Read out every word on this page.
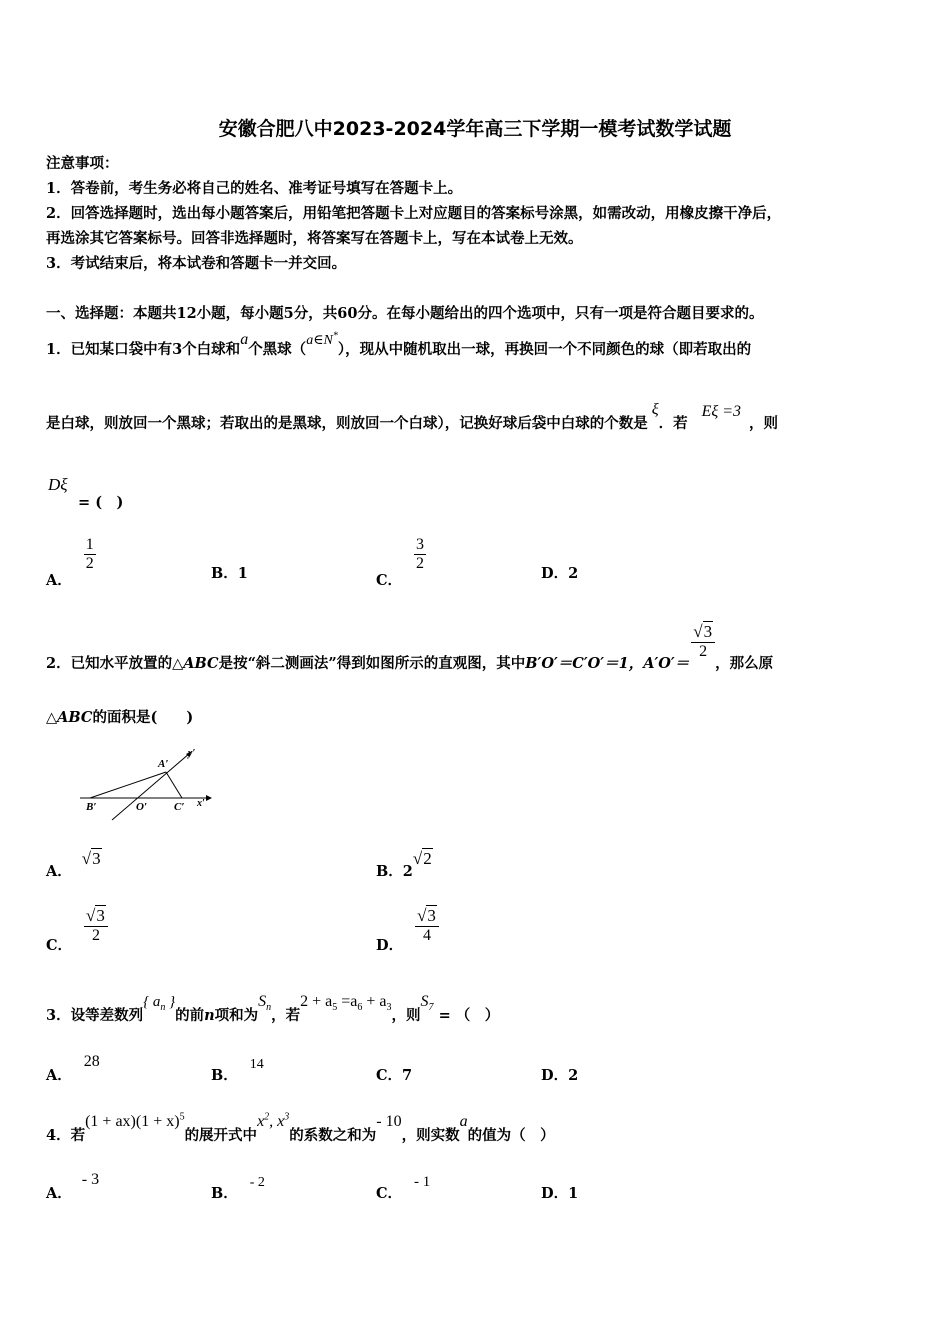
安徽合肥八中2023-2024学年高三下学期一模考试数学试题
注意事项：
1．答卷前，考生务必将自己的姓名、准考证号填写在答题卡上。
2．回答选择题时，选出每小题答案后，用铅笔把答题卡上对应题目的答案标号涂黑，如需改动，用橡皮擦干净后，
再选涂其它答案标号。回答非选择题时，将答案写在答题卡上，写在本试卷上无效。
3．考试结束后，将本试卷和答题卡一并交回。
一、选择题：本题共12小题，每小题5分，共60分。在每小题给出的四个选项中，只有一项是符合题目要求的。
1．已知某口袋中有3个白球和a个黑球（a∈N*），现从中随机取出一球，再换回一个不同颜色的球（即若取出的
是白球，则放回一个黑球；若取出的是黑球，则放回一个白球），记换好球后袋中白球的个数是ξ．若Eξ =3，则
Dξ
= (　)
A．
$\frac{1}{2}$	B．1	C．
$\frac{3}{2}$	D．2
2．已知水平放置的△ABC是按“斜二测画法”得到如图所示的直观图，其中B′O′＝C′O′＝1，A′O′＝
$\frac{√3}{2}$
，那么原
△ABC的面积是(　　)
A′
B′	O′ C′ x′
y′
A．√3
B．2√2
C． $\frac{√3}{2}$	D． $\frac{√3}{4}$
3．设等差数列{ $a_n$ }的前n项和为$S_n$，若$2 + a_5 =a_6 + a_3$，则$S_7$ = （　）
A．28
B．14
C．7	D．2
4．若$(1 + ax)(1 + x)^5$的展开式中$x^2$, $x^3$的系数之和为- 10，则实数a的值为（　）
A．- 3
B．- 2
C．- 1
D．1
